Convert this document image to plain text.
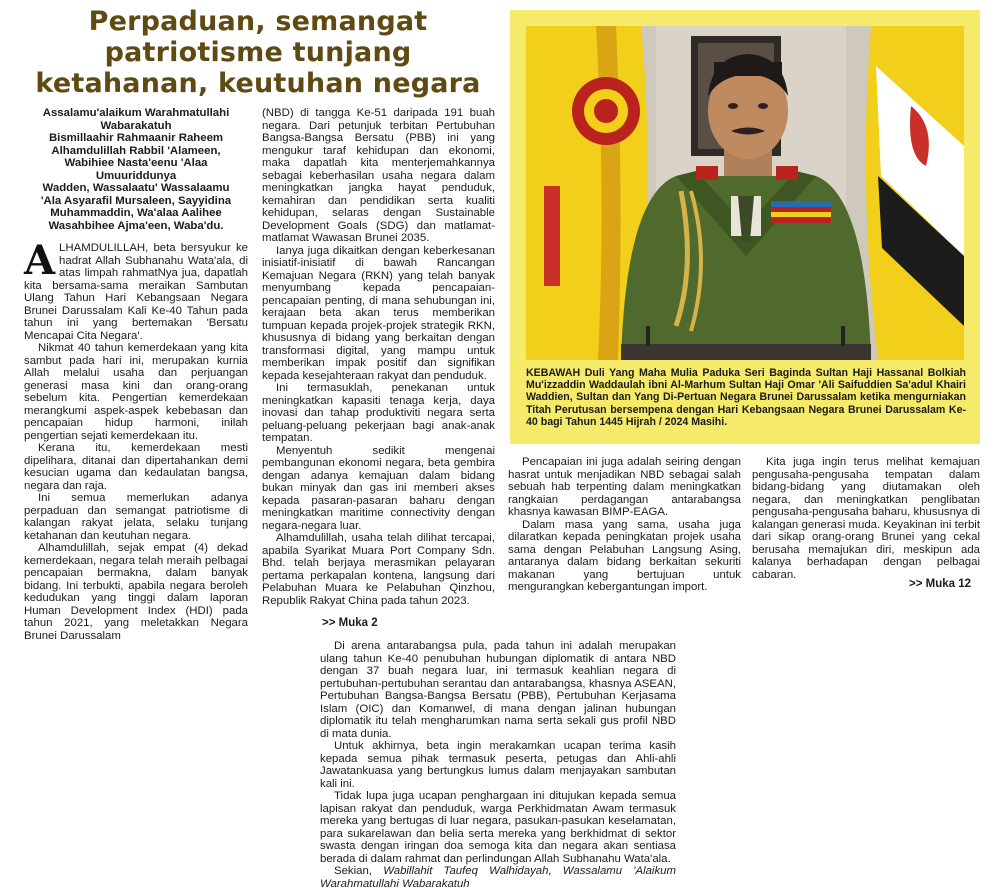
Perpaduan, semangat
patriotisme tunjang
ketahanan, keutuhan negara
Assalamu'alaikum Warahmatullahi
Wabarakatuh
Bismillaahir Rahmaanir Raheem
Alhamdulillah Rabbil 'Alameen,
Wabihiee Nasta'eenu 'Alaa Umuuriddunya
Wadden, Wassalaatu' Wassalaamu
'Ala Asyarafil Mursaleen, Sayyidina
Muhammaddin, Wa'alaa Aalihee
Wasahbihee Ajma'een, Waba'du.

ALHAMDULILLAH, beta bersyukur ke hadrat Allah Subhanahu Wata'ala, di atas limpah rahmatNya jua, dapatlah kita bersama-sama meraikan Sambutan Ulang Tahun Hari Kebangsaan Negara Brunei Darussalam Kali Ke-40 Tahun pada tahun ini yang bertemakan 'Bersatu Mencapai Cita Negara'.

Nikmat 40 tahun kemerdekaan yang kita sambut pada hari ini, merupakan kurnia Allah melalui usaha dan perjuangan generasi masa kini dan orang-orang sebelum kita. Pengertian kemerdekaan merangkumi aspek-aspek kebebasan dan pencapaian hidup harmoni, inilah pengertian sejati kemerdekaan itu.

Kerana itu, kemerdekaan mesti dipelihara, ditanai dan dipertahankan demi kesucian ugama dan kedaulatan bangsa, negara dan raja.

Ini semua memerlukan adanya perpaduan dan semangat patriotisme di kalangan rakyat jelata, selaku tunjang ketahanan dan keutuhan negara.

Alhamdulillah, sejak empat (4) dekad kemerdekaan, negara telah meraih pelbagai pencapaian bermakna, dalam banyak bidang. Ini terbukti, apabila negara beroleh kedudukan yang tinggi dalam laporan Human Development Index (HDI) pada tahun 2021, yang meletakkan Negara Brunei Darussalam

(NBD) di tangga Ke-51 daripada 191 buah negara. Dari petunjuk terbitan Pertubuhan Bangsa-Bangsa Bersatu (PBB) ini yang mengukur taraf kehidupan dan ekonomi, maka dapatlah kita menterjemahkannya sebagai keberhasilan usaha negara dalam meningkatkan jangka hayat penduduk, kemahiran dan pendidikan serta kualiti kehidupan, selaras dengan Sustainable Development Goals (SDG) dan matlamat-matlamat Wawasan Brunei 2035.

Ianya juga dikaitkan dengan keberkesanan inisiatif-inisiatif di bawah Rancangan Kemajuan Negara (RKN) yang telah banyak menyumbang kepada pencapaian-pencapaian penting, di mana sehubungan ini, kerajaan beta akan terus memberikan tumpuan kepada projek-projek strategik RKN, khususnya di bidang yang berkaitan dengan transformasi digital, yang mampu untuk memberikan impak positif dan signifikan kepada kesejahteraan rakyat dan penduduk.

Ini termasuklah, penekanan untuk meningkatkan kapasiti tenaga kerja, daya inovasi dan tahap produktiviti negara serta peluang-peluang pekerjaan bagi anak-anak tempatan.

Menyentuh sedikit mengenai pembangunan ekonomi negara, beta gembira dengan adanya kemajuan dalam bidang bukan minyak dan gas ini memberi akses kepada pasaran-pasaran baharu dengan meningkatkan maritime connectivity dengan negara-negara luar.

Alhamdulillah, usaha telah dilihat tercapai, apabila Syarikat Muara Port Company Sdn. Bhd. telah berjaya merasmikan pelayaran pertama perkapalan kontena, langsung dari Pelabuhan Muara ke Pelabuhan Qinzhou, Republik Rakyat China pada tahun 2023.

KEBAWAH Duli Yang Maha Mulia Paduka Seri Baginda Sultan Haji Hassanal Bolkiah Mu'izzaddin Waddaulah ibni Al-Marhum Sultan Haji Omar 'Ali Saifuddien Sa'adul Khairi Waddien, Sultan dan Yang Di-Pertuan Negara Brunei Darussalam ketika mengurniakan Titah Perutusan bersempena dengan Hari Kebangsaan Negara Brunei Darussalam Ke-40 bagi Tahun 1445 Hijrah / 2024 Masihi.

Pencapaian ini juga adalah seiring dengan hasrat untuk menjadikan NBD sebagai salah sebuah hab terpenting dalam meningkatkan rangkaian perdagangan antarabangsa khasnya kawasan BIMP-EAGA.

Dalam masa yang sama, usaha juga dilaratkan kepada peningkatan projek usaha sama dengan Pelabuhan Langsung Asing, antaranya dalam bidang berkaitan sekuriti makanan yang bertujuan untuk mengurangkan kebergantungan import.

Kita juga ingin terus melihat kemajuan pengusaha-pengusaha tempatan dalam bidang-bidang yang diutamakan oleh negara, dan meningkatkan penglibatan pengusaha-pengusaha baharu, khususnya di kalangan generasi muda. Keyakinan ini terbit dari sikap orang-orang Brunei yang cekal berusaha memajukan diri, meskipun ada kalanya berhadapan dengan pelbagai cabaran.

>> Muka 12
>> Muka 2

Di arena antarabangsa pula, pada tahun ini adalah merupakan ulang tahun Ke-40 penubuhan hubungan diplomatik di antara NBD dengan 37 buah negara luar, ini termasuk keahlian negara di pertubuhan-pertubuhan serantau dan antarabangsa, khasnya ASEAN, Pertubuhan Bangsa-Bangsa Bersatu (PBB), Pertubuhan Kerjasama Islam (OIC) dan Komanwel, di mana dengan jalinan hubungan diplomatik itu telah mengharumkan nama serta sekali gus profil NBD di mata dunia.

Untuk akhirnya, beta ingin merakamkan ucapan terima kasih kepada semua pihak termasuk peserta, petugas dan Ahli-ahli Jawatankuasa yang bertungkus lumus dalam menjayakan sambutan kali ini.

Tidak lupa juga ucapan penghargaan ini ditujukan kepada semua lapisan rakyat dan penduduk, warga Perkhidmatan Awam termasuk mereka yang bertugas di luar negara, pasukan-pasukan keselamatan, para sukarelawan dan belia serta mereka yang berkhidmat di sektor swasta dengan iringan doa semoga kita dan negara akan sentiasa berada di dalam rahmat dan perlindungan Allah Subhanahu Wata'ala.

Sekian, Wabillahit Taufeq Walhidayah, Wassalamu 'Alaikum Warahmatullahi Wabarakatuh
